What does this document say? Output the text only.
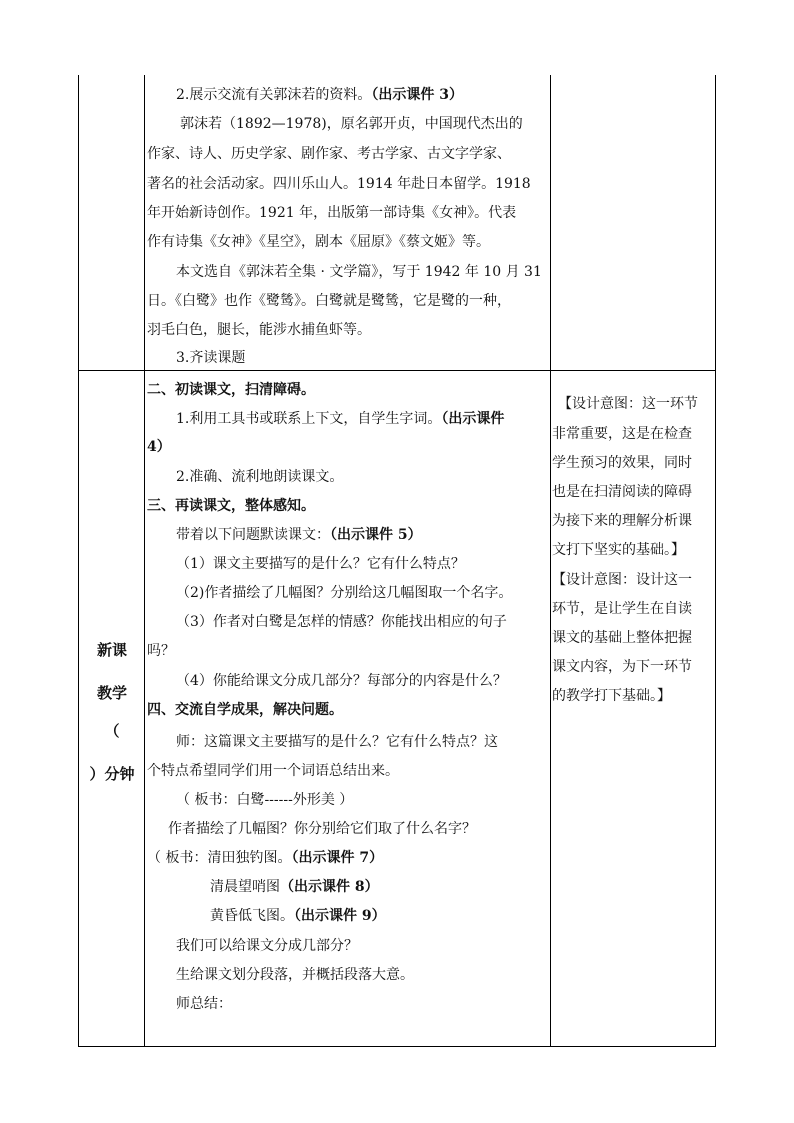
2.展示交流有关郭沫若的资料。（出示课件 3）
郭沫若（1892—1978)，原名郭开贞，中国现代杰出的
作家、诗人、历史学家、剧作家、考古学家、古文字学家、
著名的社会活动家。四川乐山人。1914 年赴日本留学。1918
年开始新诗创作。1921 年，出版第一部诗集《女神》。代表
作有诗集《女神》《星空》，剧本《屈原》《蔡文姬》等。
本文选自《郭沫若全集 · 文学篇》，写于 1942 年 10 月 31
日。《白鹭》也作《鹭鸶》。白鹭就是鹭鸶，它是鹭的一种，
羽毛白色，腿长，能涉水捕鱼虾等。
3.齐读课题
新课
教学
（
）分钟
二、初读课文，扫清障碍。
1.利用工具书或联系上下文，自学生字词。（出示课件
4）
2.准确、流利地朗读课文。
三、再读课文，整体感知。
带着以下问题默读课文：（出示课件 5）
（1）课文主要描写的是什么？它有什么特点？
（2)作者描绘了几幅图？分别给这几幅图取一个名字。
（3）作者对白鹭是怎样的情感？你能找出相应的句子
吗？
（4）你能给课文分成几部分？每部分的内容是什么？
四、交流自学成果，解决问题。
师：这篇课文主要描写的是什么？它有什么特点？这
个特点希望同学们用一个词语总结出来。
（ 板书：白鹭------外形美 ）
作者描绘了几幅图？你分别给它们取了什么名字？
（ 板书：清田独钓图。（出示课件 7）
清晨望哨图（出示课件 8）
黄昏低飞图。（出示课件 9）
我们可以给课文分成几部分？
生给课文划分段落，并概括段落大意。
师总结：
【设计意图：这一环节
非常重要，这是在检查
学生预习的效果，同时
也是在扫清阅读的障碍
为接下来的理解分析课
文打下坚实的基础。】
【设计意图：设计这一
环节，是让学生在自读
课文的基础上整体把握
课文内容，为下一环节
的教学打下基础。】
